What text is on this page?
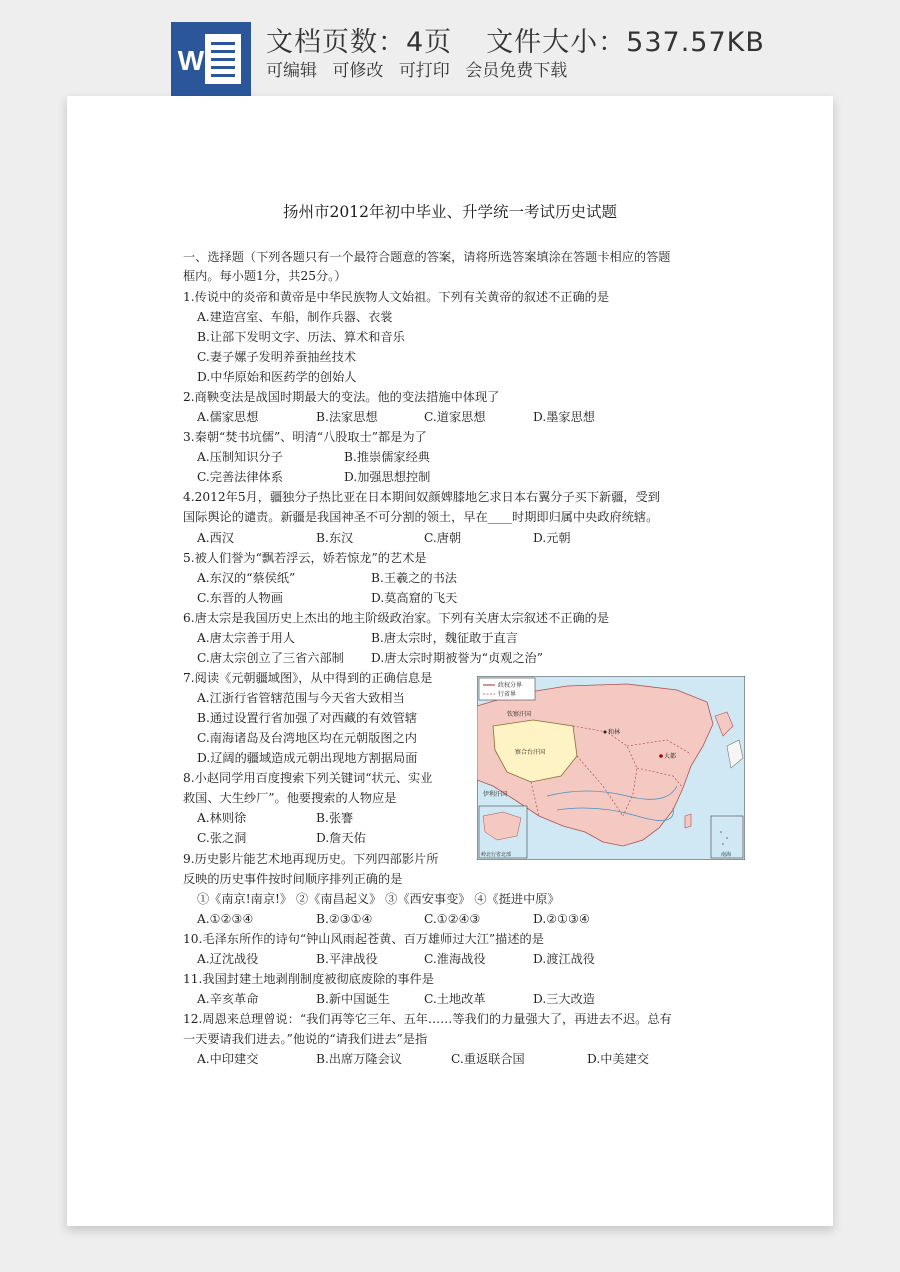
W
文档页数：4页 文件大小：537.57KB
可编辑 可修改 可打印 会员免费下载
扬州市2012年初中毕业、升学统一考试历史试题
一、选择题（下列各题只有一个最符合题意的答案，请将所选答案填涂在答题卡相应的答题
框内。每小题1分，共25分。）
1.传说中的炎帝和黄帝是中华民族物人文始祖。下列有关黄帝的叙述不正确的是
A.建造宫室、车船，制作兵器、衣裳
B.让部下发明文字、历法、算术和音乐
C.妻子嫘子发明养蚕抽丝技术
D.中华原始和医药学的创始人
2.商鞅变法是战国时期最大的变法。他的变法措施中体现了
A.儒家思想	B.法家思想	C.道家思想	D.墨家思想
3.秦朝“焚书坑儒”、明清“八股取士”都是为了
A.压制知识分子	B.推崇儒家经典
C.完善法律体系	D.加强思想控制
4.2012年5月，疆独分子热比亚在日本期间奴颜婢膝地乞求日本右翼分子买下新疆，受到
国际舆论的谴责。新疆是我国神圣不可分割的领土，早在____时期即归属中央政府统辖。
A.西汉	B.东汉	C.唐朝	D.元朝
5.被人们誉为“飘若浮云，娇若惊龙”的艺术是
A.东汉的“蔡侯纸”	B.王羲之的书法
C.东晋的人物画	D.莫高窟的飞天
6.唐太宗是我国历史上杰出的地主阶级政治家。下列有关唐太宗叙述不正确的是
A.唐太宗善于用人	B.唐太宗时，魏征敢于直言
C.唐太宗创立了三省六部制 D.唐太宗时期被誉为“贞观之治”
7.阅读《元朝疆域图》，从中得到的正确信息是
A.江浙行省管辖范围与今天省大致相当
B.通过设置行省加强了对西藏的有效管辖
C.南海诸岛及台湾地区均在元朝版图之内
D.辽阔的疆域造成元朝出现地方割据局面
8.小赵同学用百度搜索下列关键词“状元、实业
救国、大生纱厂”。他要搜索的人物应是
A.林则徐	B.张謇
C.张之洞	D.詹天佑
9.历史影片能艺术地再现历史。下列四部影片所
反映的历史事件按时间顺序排列正确的是
①《南京!南京!》 ②《南昌起义》 ③《西安事变》 ④《挺进中原》
A.①②③④	B.②③①④	C.①②④③	D.②①③④
10.毛泽东所作的诗句“钟山风雨起苍黄、百万雄师过大江”描述的是
A.辽沈战役	B.平津战役	C.淮海战役	D.渡江战役
11.我国封建土地剥削制度被彻底废除的事件是
A.辛亥革命	B.新中国诞生	C.土地改革	D.三大改造
12.周恩来总理曾说：“我们再等它三年、五年……等我们的力量强大了，再进去不迟。总有
一天要请我们进去。”他说的“请我们进去”是指
A.中印建交	B.出席万隆会议	C.重返联合国	D.中美建交
政权分界
行省界
钦察汗国
察合台汗国
伊利汗国
和林
大都
岭北行省北部	南海
